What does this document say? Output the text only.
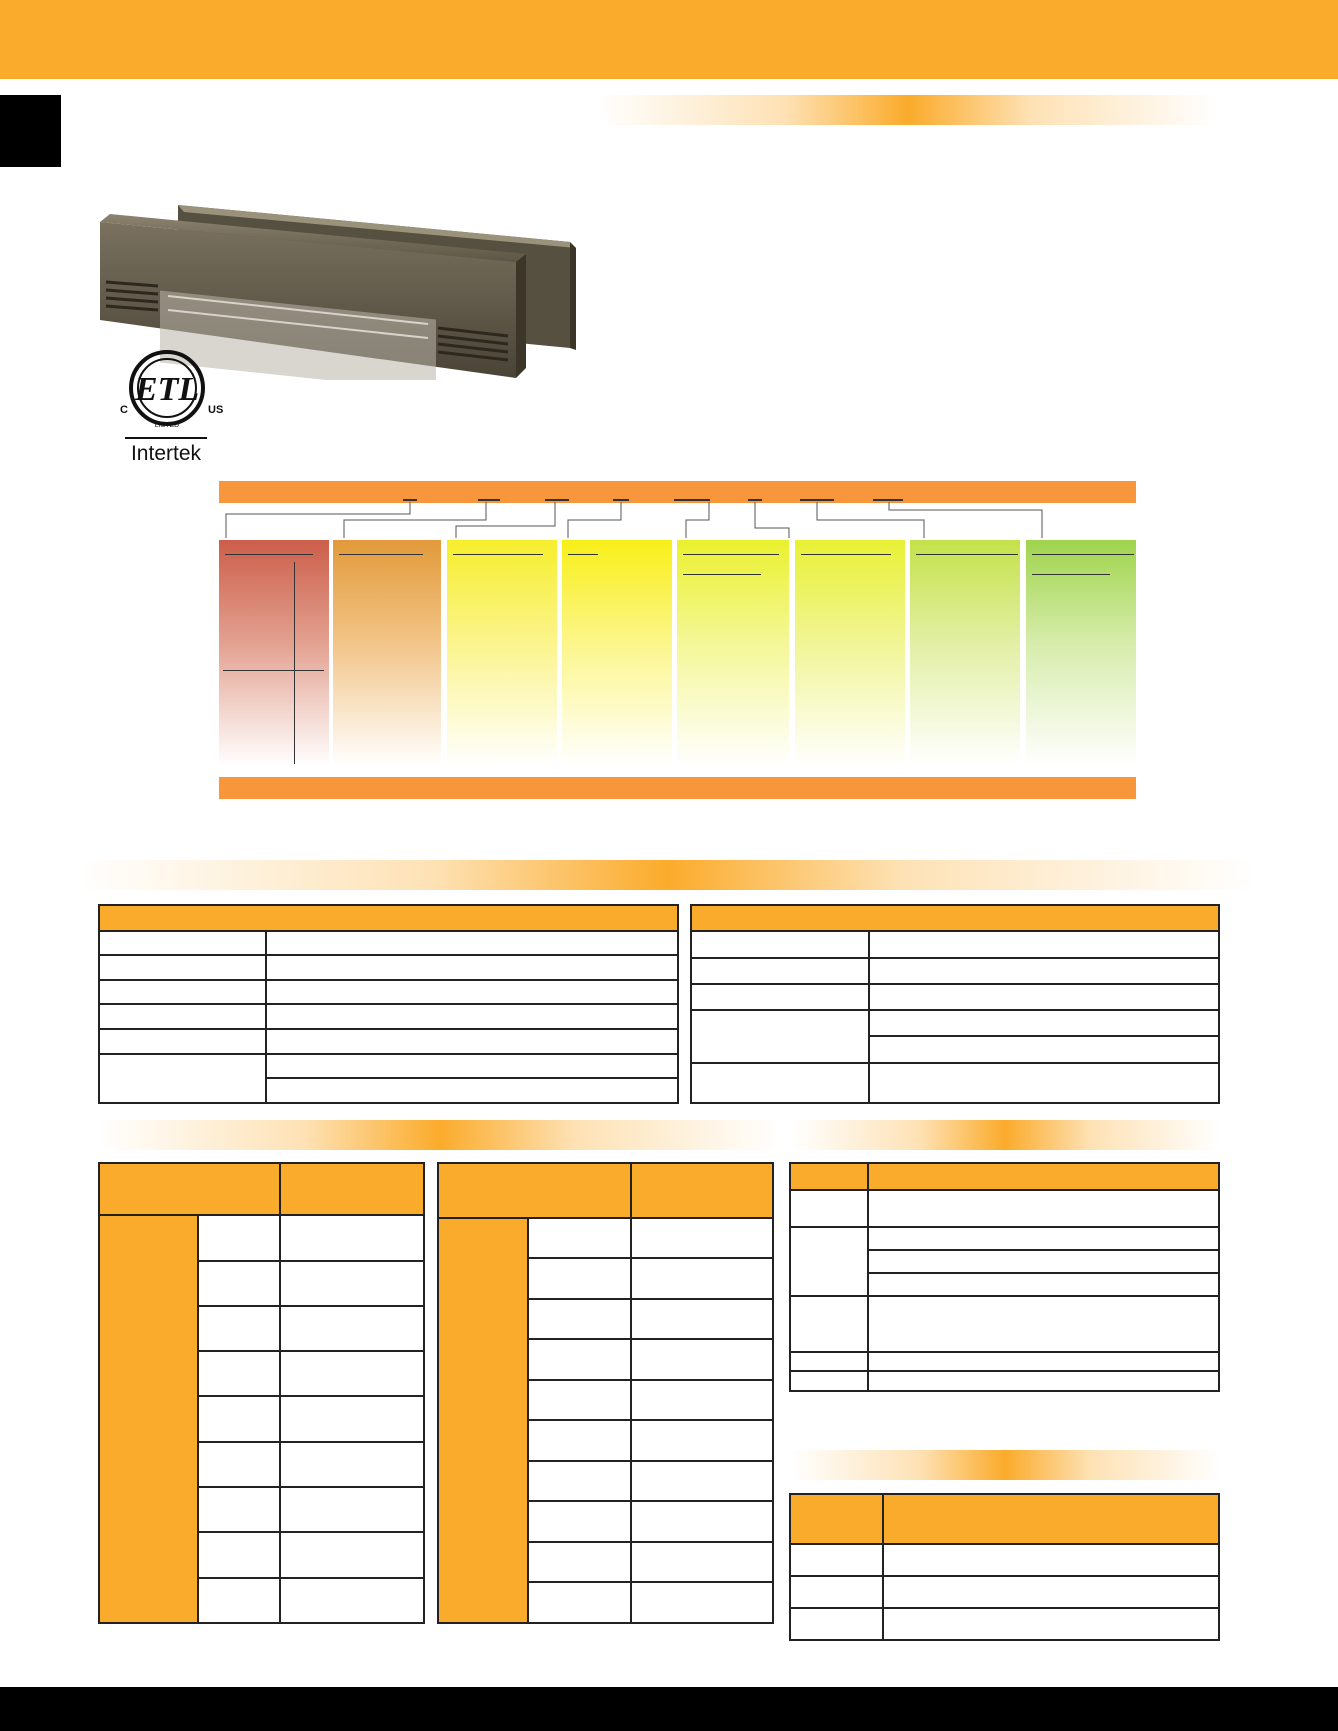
ETL
LISTED
C	US
Intertek
